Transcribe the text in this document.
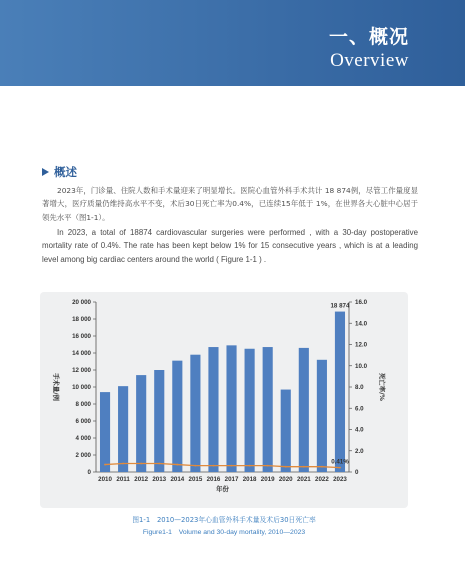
一、概况
Overview
概述

2023年，门诊量、住院人数和手术量迎来了明显增长。医院心血管外科手术共计 18 874例，尽管工作量度显著增大，医疗质量仍维持高水平不变，术后30日死亡率为0.4%，已连续15年低于 1%，在世界各大心脏中心居于领先水平（图1-1）。

In 2023, a total of 18874 cardiovascular surgeries were performed , with a 30-day postoperative mortality rate of 0.4%. The rate has been kept below 1% for 15 consecutive years , which is at a leading level among big cardiac centers around the world ( Figure 1-1 ) .

0
2 000
4 000
6 000
8 000
10 000
12 000
14 000
16 000
18 000
20 000
0
2.0
4.0
6.0
8.0
10.0
12.0
14.0
16.0
2010 2011 2012 2013 2014 2015 2016 2017 2018 2019 2020 2021 2022 2023
年份
手术量/例	死亡率/%
18 874
0.41%

图1-1　2010—2023年心血管外科手术量及术后30日死亡率

Figure1-1　Volume and 30-day mortality, 2010—2023
